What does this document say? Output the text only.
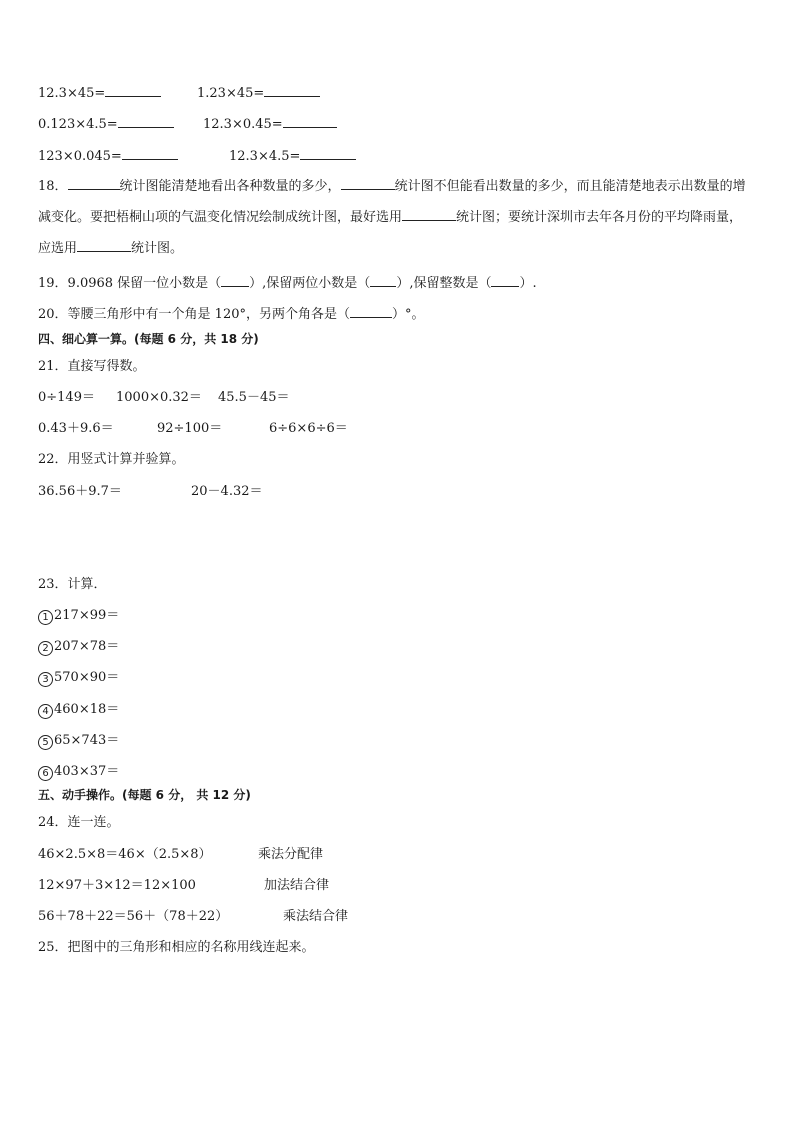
12.3×45=	1.23×45=
0.123×4.5=	12.3×0.45=
123×0.045=	12.3×4.5=
18．	统计图能清楚地看出各种数量的多少，	统计图不但能看出数量的多少，而且能清楚地表示出数量的增减变化。要把梧桐山项的气温变化情况绘制成统计图，最好选用	统计图；要统计深圳市去年各月份的平均降雨量，应选用	统计图。
19．9.0968 保留一位小数是（ ）,保留两位小数是（ ）,保留整数是（ ）.
20．等腰三角形中有一个角是 120°，另两个角各是（	）°。
四、细心算一算。(每题 6 分，共 18 分)
21．直接写得数。
0÷149＝ 1000×0.32＝ 45.5－45＝
0.43＋9.6＝	92÷100＝	6÷6×6÷6＝
22．用竖式计算并验算。
36.56＋9.7＝	20－4.32＝
23．计算．
1 217×99＝
2 207×78＝
3 570×90＝
4 460×18＝
5 65×743＝
6 403×37＝
五、动手操作。(每题 6 分， 共 12 分)
24．连一连。
46×2.5×8＝46×（2.5×8）	乘法分配律
12×97＋3×12＝12×100	加法结合律
56＋78＋22＝56＋（78＋22）	乘法结合律
25．把图中的三角形和相应的名称用线连起来。
